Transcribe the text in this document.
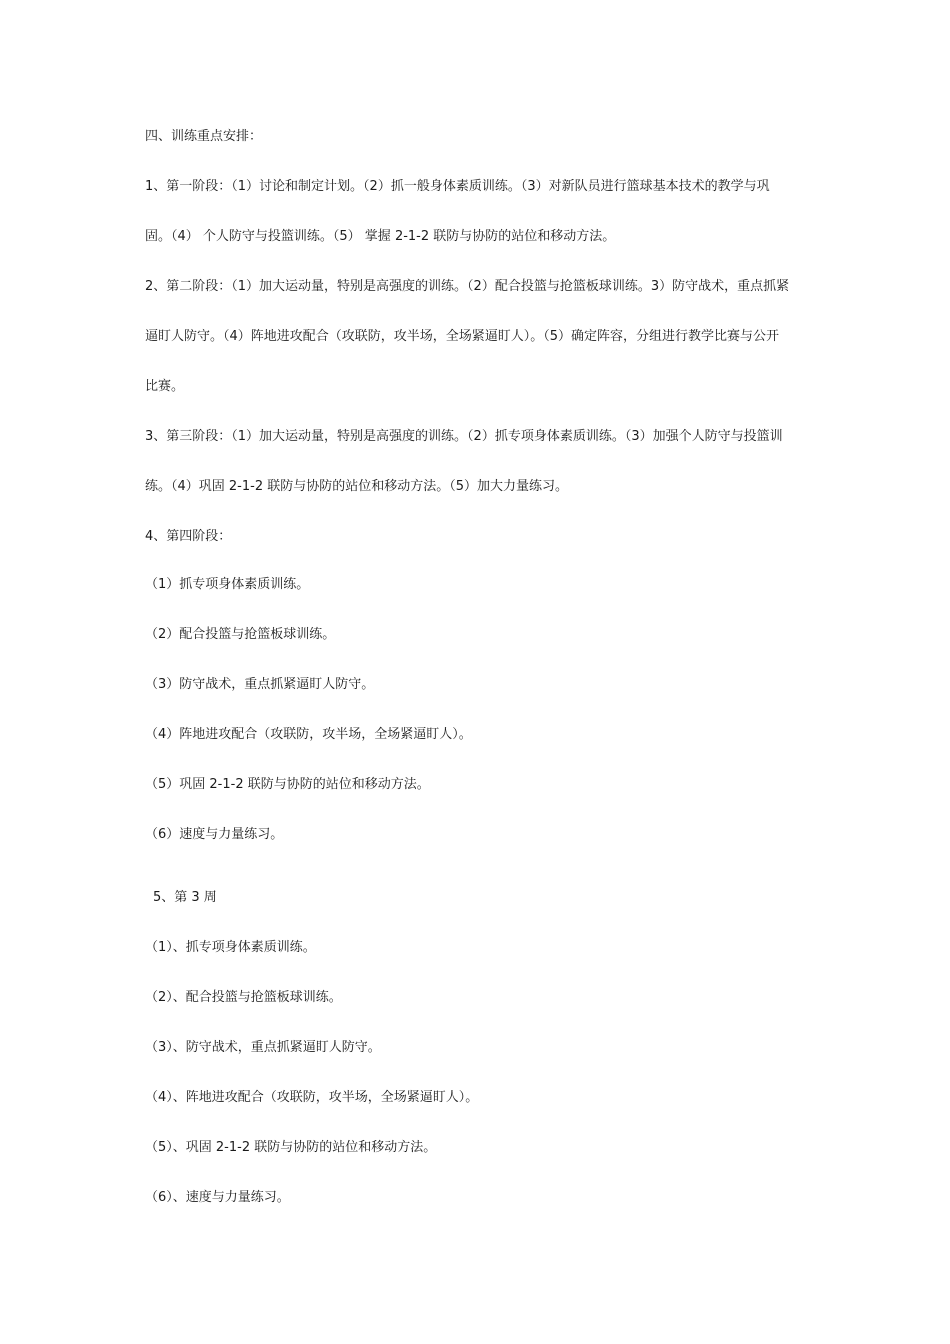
四、训练重点安排：

1、第一阶段：（1）讨论和制定计划。（2）抓一般身体素质训练。（3）对新队员进行篮球基本技术的教学与巩

固。（4） 个人防守与投篮训练。（5） 掌握 2-1-2 联防与协防的站位和移动方法。

2、第二阶段：（1）加大运动量，特别是高强度的训练。（2）配合投篮与抢篮板球训练。3）防守战术，重点抓紧

逼盯人防守。（4）阵地进攻配合（攻联防，攻半场，全场紧逼盯人）。（5）确定阵容，分组进行教学比赛与公开

比赛。

3、第三阶段：（1）加大运动量，特别是高强度的训练。（2）抓专项身体素质训练。（3）加强个人防守与投篮训

练。（4）巩固 2-1-2 联防与协防的站位和移动方法。（5）加大力量练习。

4、第四阶段：

（1）抓专项身体素质训练。

（2）配合投篮与抢篮板球训练。

（3）防守战术，重点抓紧逼盯人防守。

（4）阵地进攻配合（攻联防，攻半场，全场紧逼盯人）。

（5）巩固 2-1-2 联防与协防的站位和移动方法。

（6）速度与力量练习。

5、第 3 周

（1）、抓专项身体素质训练。

（2）、配合投篮与抢篮板球训练。

（3）、防守战术，重点抓紧逼盯人防守。

（4）、阵地进攻配合（攻联防，攻半场，全场紧逼盯人）。

（5）、巩固 2-1-2 联防与协防的站位和移动方法。

（6）、速度与力量练习。
